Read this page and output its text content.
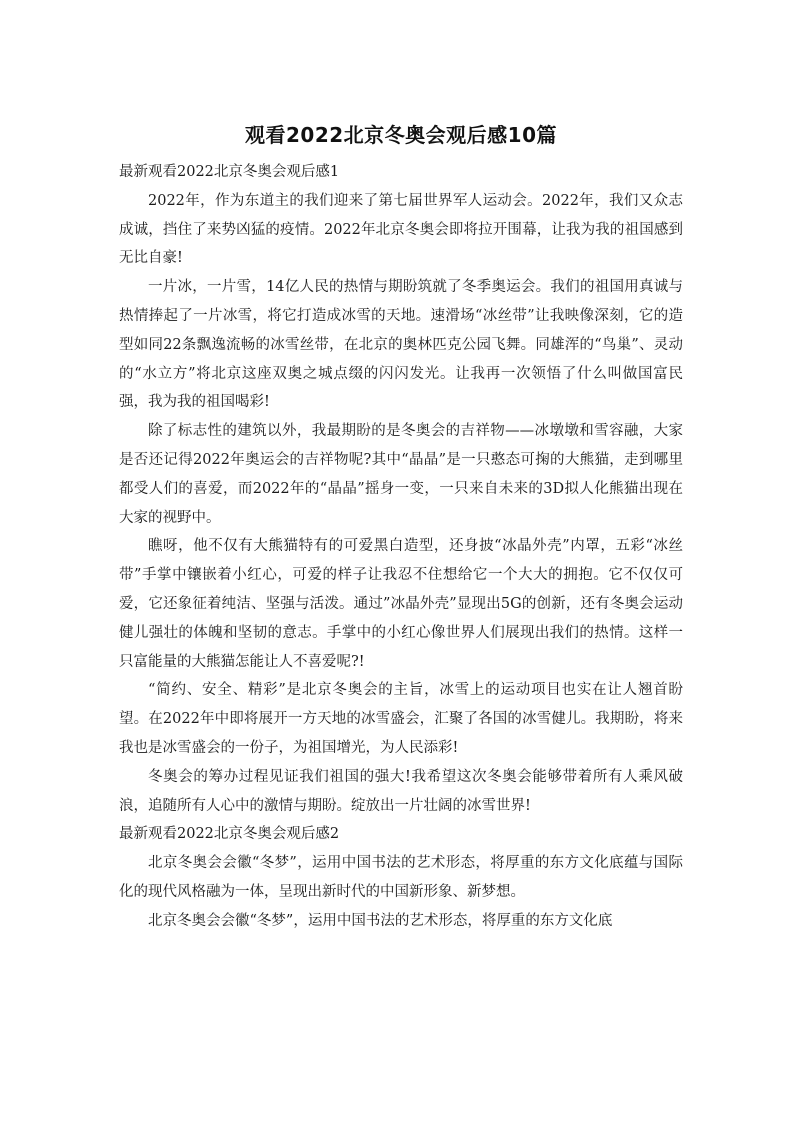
观看2022北京冬奥会观后感10篇

最新观看2022北京冬奥会观后感1

2022年，作为东道主的我们迎来了第七届世界军人运动会。2022年，我们又众志成诚，挡住了来势凶猛的疫情。2022年北京冬奥会即将拉开围幕，让我为我的祖国感到无比自豪!

一片冰，一片雪，14亿人民的热情与期盼筑就了冬季奥运会。我们的祖国用真诚与热情捧起了一片冰雪，将它打造成冰雪的天地。速滑场“冰丝带”让我映像深刻，它的造型如同22条飘逸流畅的冰雪丝带，在北京的奥林匹克公园飞舞。同雄浑的“鸟巢”、灵动的“水立方”将北京这座双奥之城点缀的闪闪发光。让我再一次领悟了什么叫做国富民强，我为我的祖国喝彩!

除了标志性的建筑以外，我最期盼的是冬奥会的吉祥物——冰墩墩和雪容融，大家是否还记得2022年奥运会的吉祥物呢?其中“晶晶”是一只憨态可掬的大熊猫，走到哪里都受人们的喜爱，而2022年的“晶晶”摇身一变，一只来自未来的3D拟人化熊猫出现在大家的视野中。

瞧呀，他不仅有大熊猫特有的可爱黑白造型，还身披“冰晶外壳”内罩，五彩“冰丝带”手掌中镶嵌着小红心，可爱的样子让我忍不住想给它一个大大的拥抱。它不仅仅可爱，它还象征着纯洁、坚强与活泼。通过”冰晶外壳”显现出5G的创新，还有冬奥会运动健儿强壮的体魄和坚韧的意志。手掌中的小红心像世界人们展现出我们的热情。这样一只富能量的大熊猫怎能让人不喜爱呢?!

“简约、安全、精彩”是北京冬奥会的主旨，冰雪上的运动项目也实在让人翘首盼望。在2022年中即将展开一方天地的冰雪盛会，汇聚了各国的冰雪健儿。我期盼，将来我也是冰雪盛会的一份子，为祖国增光，为人民添彩!

冬奥会的筹办过程见证我们祖国的强大!我希望这次冬奥会能够带着所有人乘风破浪，追随所有人心中的激情与期盼。绽放出一片壮阔的冰雪世界!

最新观看2022北京冬奥会观后感2

北京冬奥会会徽“冬梦”，运用中国书法的艺术形态，将厚重的东方文化底蕴与国际化的现代风格融为一体，呈现出新时代的中国新形象、新梦想。

北京冬奥会会徽“冬梦”，运用中国书法的艺术形态，将厚重的东方文化底
